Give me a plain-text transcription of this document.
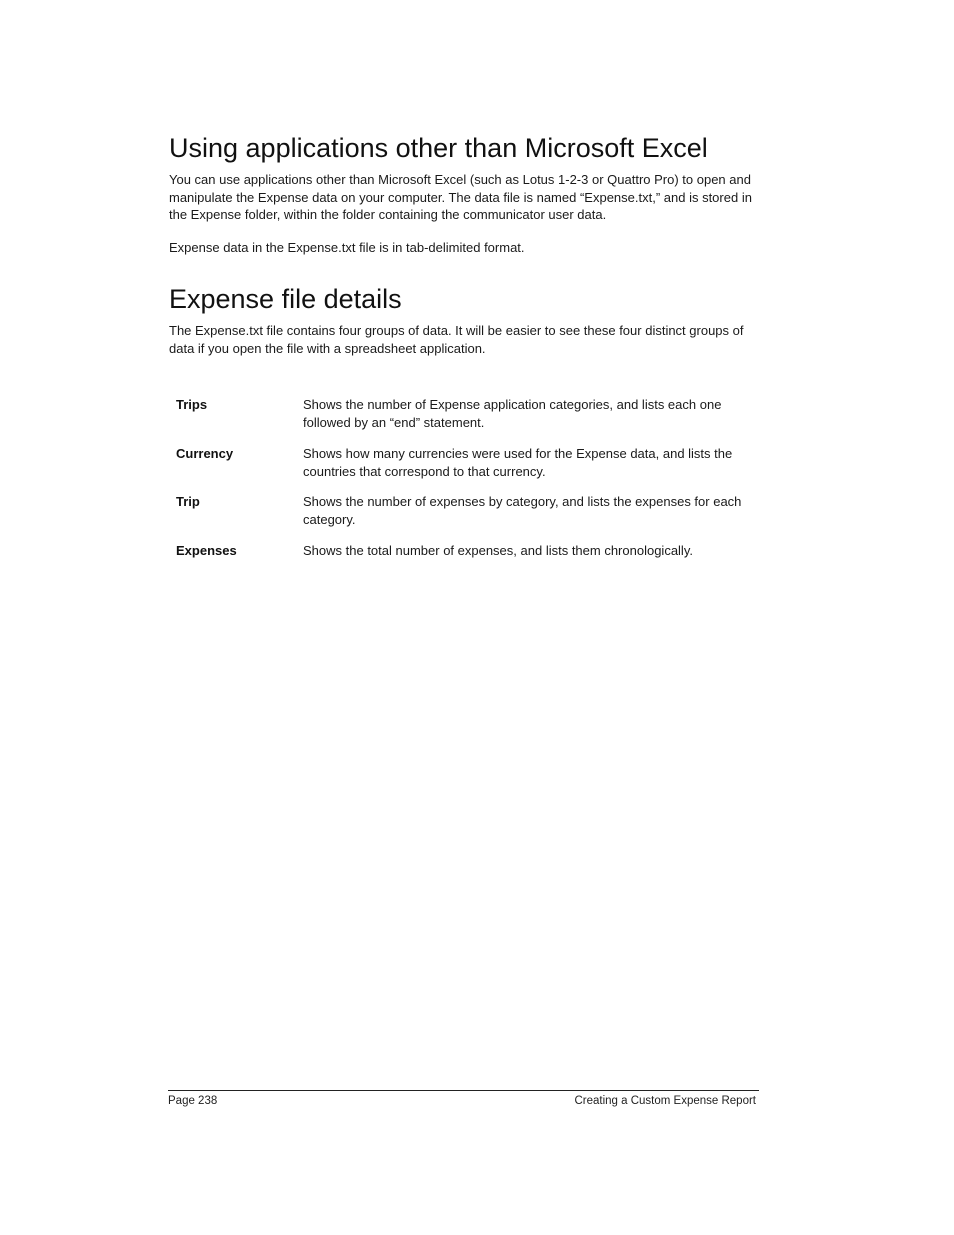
Using applications other than Microsoft Excel

You can use applications other than Microsoft Excel (such as Lotus 1-2-3 or Quattro Pro) to open and manipulate the Expense data on your computer. The data file is named “Expense.txt,” and is stored in the Expense folder, within the folder containing the communicator user data.

Expense data in the Expense.txt file is in tab-delimited format.

Expense file details

The Expense.txt file contains four groups of data. It will be easier to see these four distinct groups of data if you open the file with a spreadsheet application.

Trips	Shows the number of Expense application categories, and lists each one followed by an “end” statement.
Currency	Shows how many currencies were used for the Expense data, and lists the countries that correspond to that currency.
Trip	Shows the number of expenses by category, and lists the expenses for each category.
Expenses	Shows the total number of expenses, and lists them chronologically.
Page 238	Creating a Custom Expense Report
